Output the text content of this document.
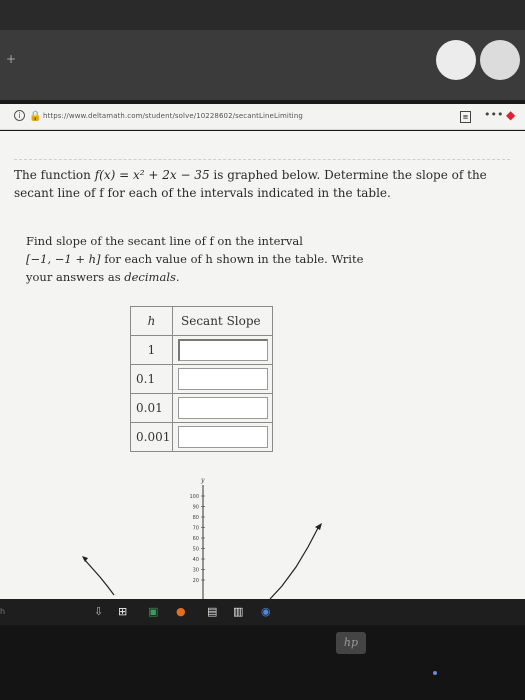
+
i 🔒 https://www.deltamath.com/student/solve/10228602/secantLineLimiting	≡ ••• ◆
The function f(x) = x² + 2x − 35 is graphed below. Determine the slope of the secant line of f for each of the intervals indicated in the table.
Find slope of the secant line of f on the interval
[−1, −1 + h] for each value of h shown in the table. Write your answers as decimals.
h	Secant Slope
1	

0.1	

0.01	

0.001	
y
100
90
80
70
60
50
40
30
20
h	⇩ ⊞ ▣ ● ▤ ▥ ◉
hp
